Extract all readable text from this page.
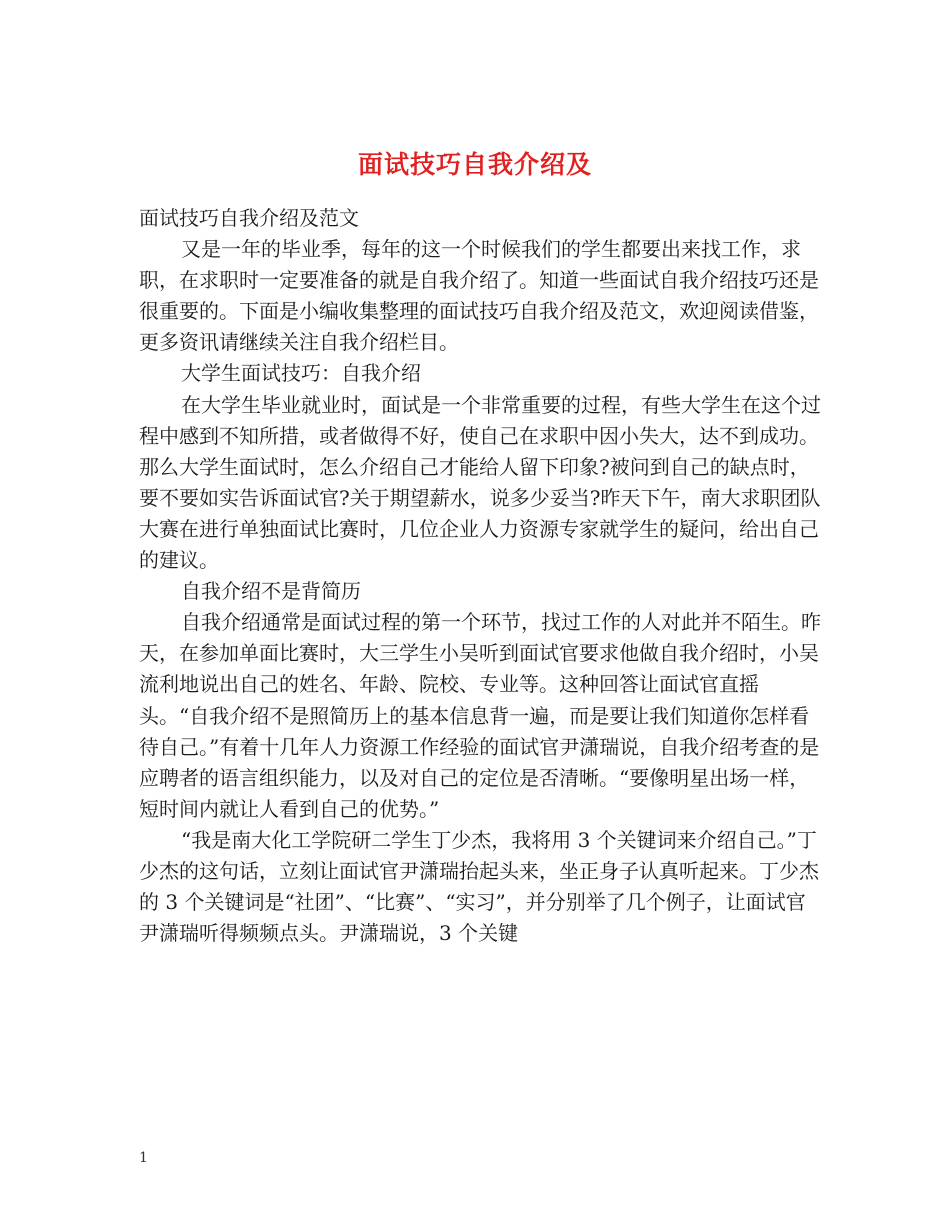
面试技巧自我介绍及

面试技巧自我介绍及范文

又是一年的毕业季，每年的这一个时候我们的学生都要出来找工作，求职，在求职时一定要准备的就是自我介绍了。知道一些面试自我介绍技巧还是很重要的。下面是小编收集整理的面试技巧自我介绍及范文，欢迎阅读借鉴，更多资讯请继续关注自我介绍栏目。

大学生面试技巧：自我介绍

在大学生毕业就业时，面试是一个非常重要的过程，有些大学生在这个过程中感到不知所措，或者做得不好，使自己在求职中因小失大，达不到成功。那么大学生面试时，怎么介绍自己才能给人留下印象?被问到自己的缺点时，要不要如实告诉面试官?关于期望薪水，说多少妥当?昨天下午，南大求职团队大赛在进行单独面试比赛时，几位企业人力资源专家就学生的疑问，给出自己的建议。

自我介绍不是背简历

自我介绍通常是面试过程的第一个环节，找过工作的人对此并不陌生。昨天，在参加单面比赛时，大三学生小吴听到面试官要求他做自我介绍时，小吴流利地说出自己的姓名、年龄、院校、专业等。这种回答让面试官直摇头。“自我介绍不是照简历上的基本信息背一遍，而是要让我们知道你怎样看待自己。”有着十几年人力资源工作经验的面试官尹潇瑞说，自我介绍考查的是应聘者的语言组织能力，以及对自己的定位是否清晰。“要像明星出场一样，短时间内就让人看到自己的优势。”

“我是南大化工学院研二学生丁少杰，我将用 3 个关键词来介绍自己。”丁少杰的这句话，立刻让面试官尹潇瑞抬起头来，坐正身子认真听起来。丁少杰的 3 个关键词是“社团”、“比赛”、“实习”，并分别举了几个例子，让面试官尹潇瑞听得频频点头。尹潇瑞说，3 个关键

1
